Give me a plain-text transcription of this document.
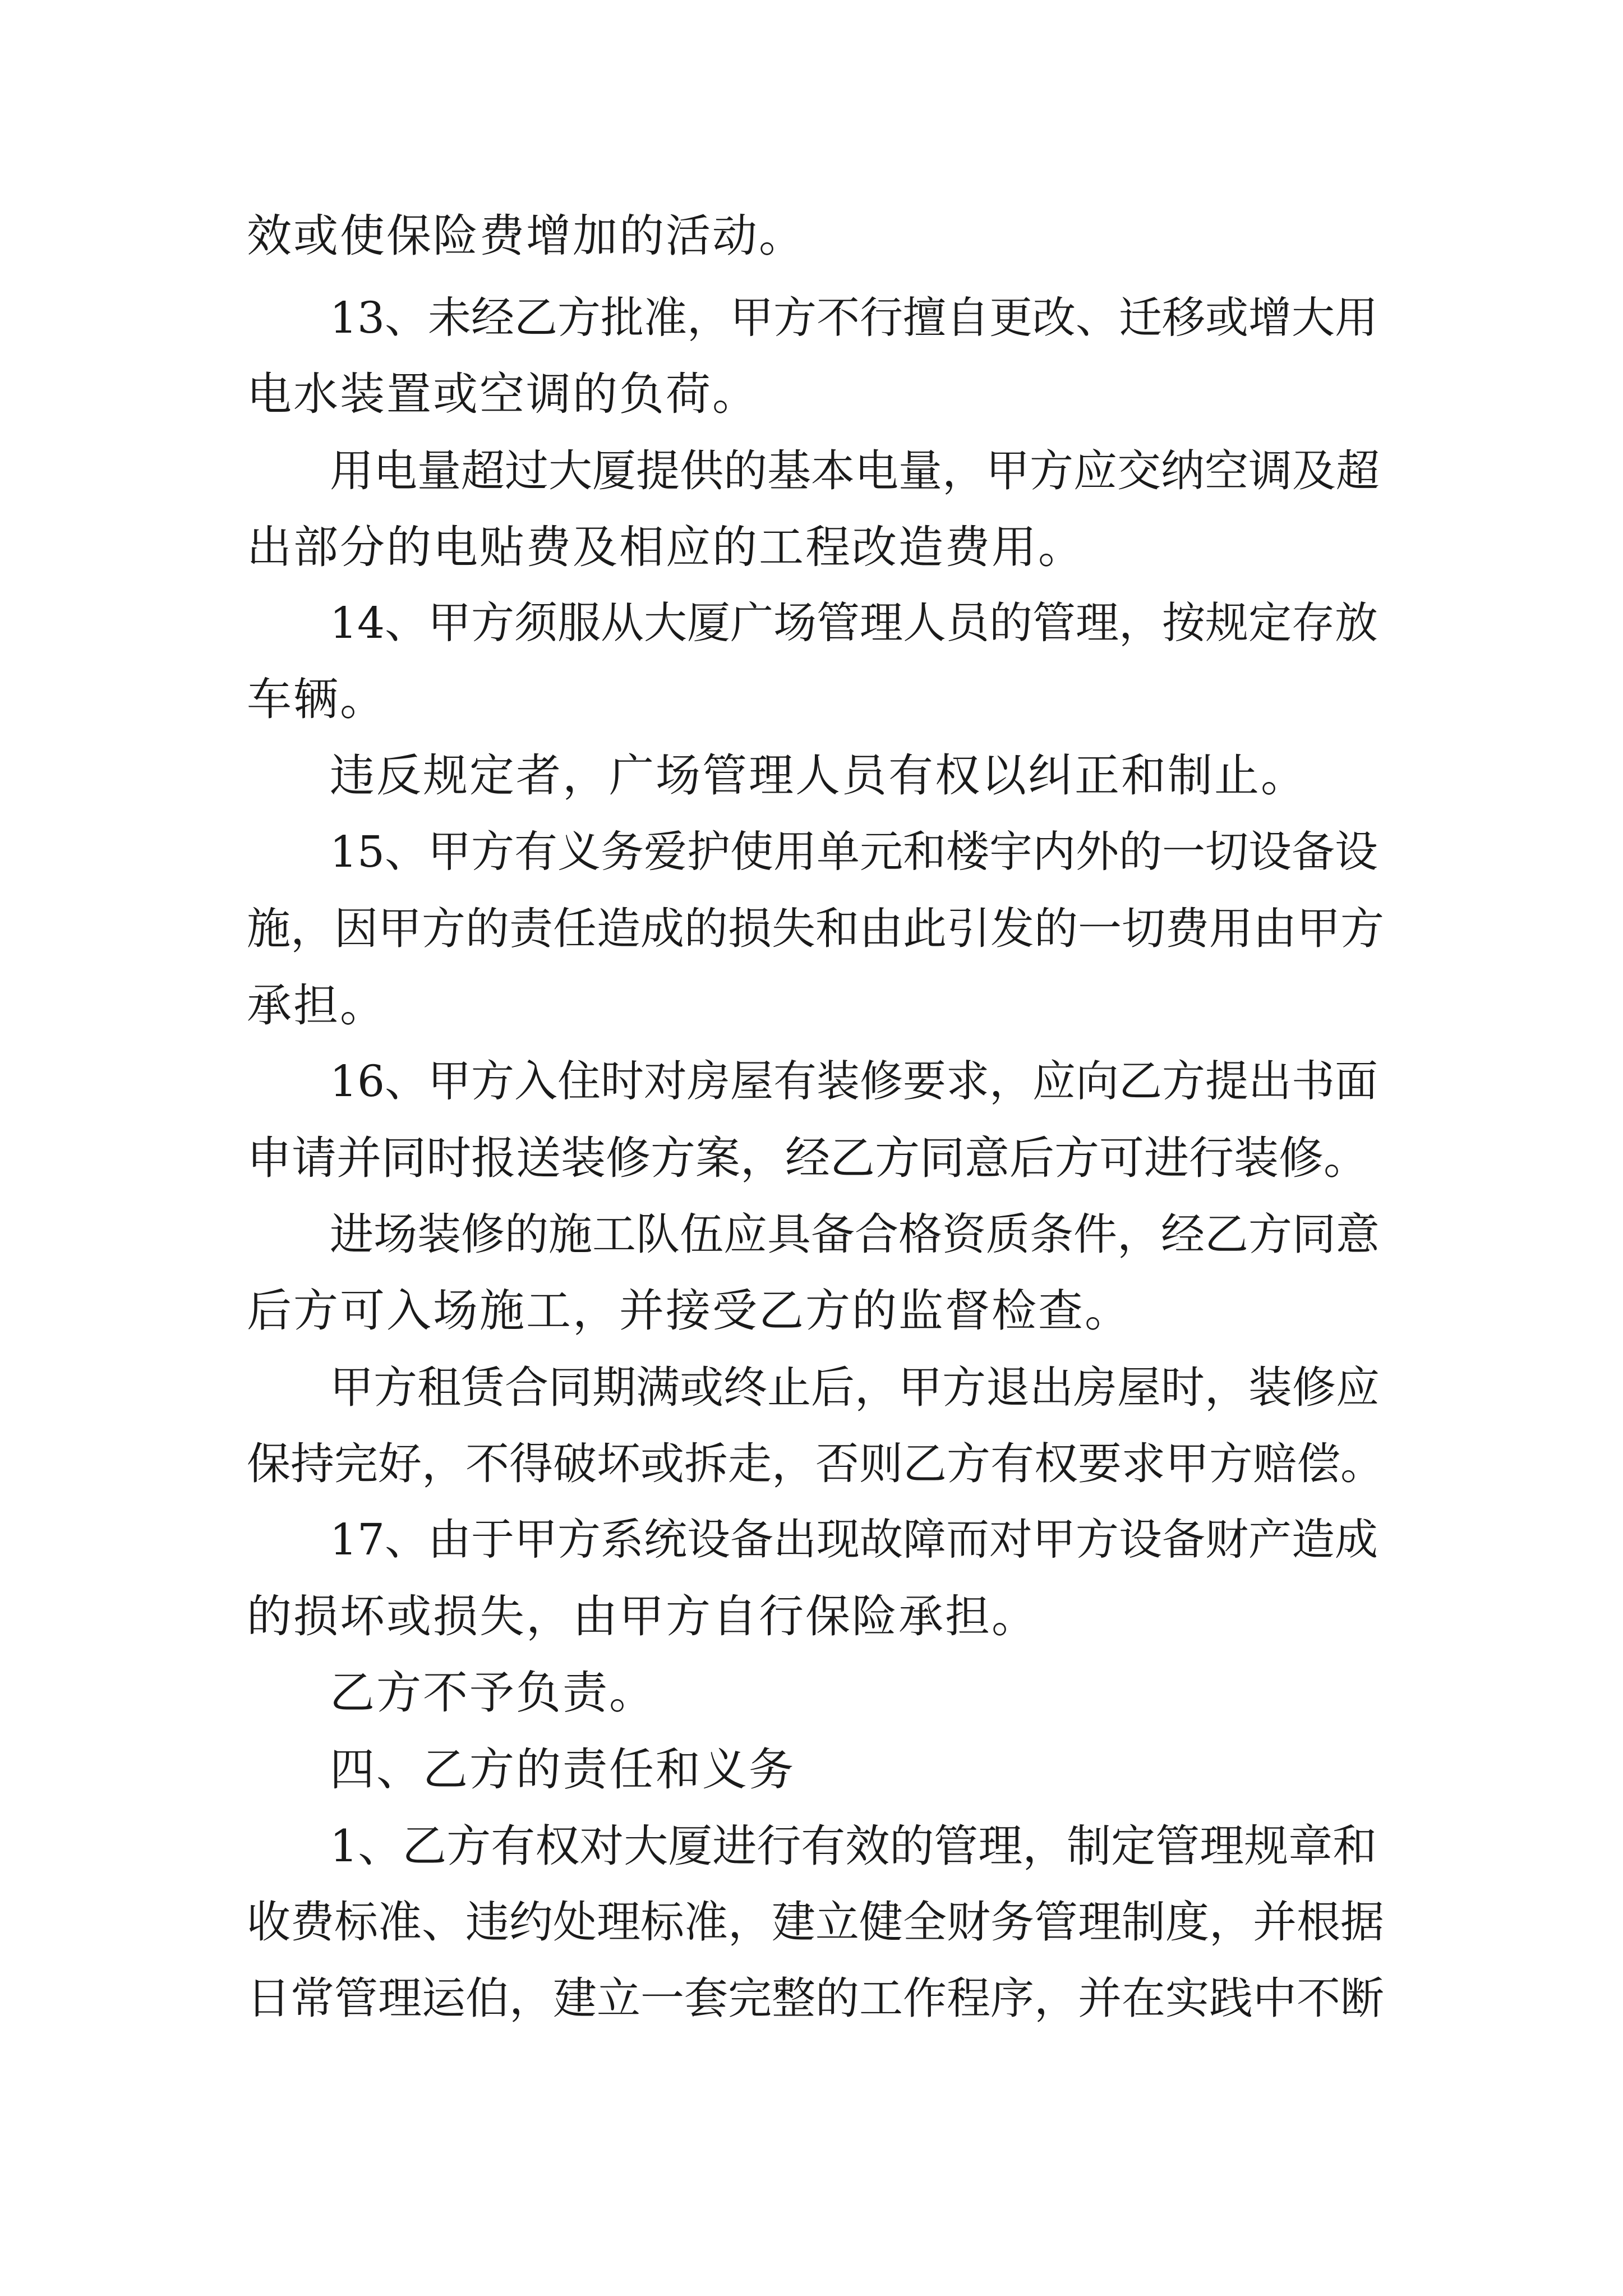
效或使保险费增加的活动。
13、未经乙方批准，甲方不行擅自更改、迁移或增大用
电水装置或空调的负荷。
用电量超过大厦提供的基本电量，甲方应交纳空调及超
出部分的电贴费及相应的工程改造费用。
14、甲方须服从大厦广场管理人员的管理，按规定存放
车辆。
违反规定者，广场管理人员有权以纠正和制止。
15、甲方有义务爱护使用单元和楼宇内外的一切设备设
施，因甲方的责任造成的损失和由此引发的一切费用由甲方
承担。
16、甲方入住时对房屋有装修要求，应向乙方提出书面
申请并同时报送装修方案，经乙方同意后方可进行装修。
进场装修的施工队伍应具备合格资质条件，经乙方同意
后方可入场施工，并接受乙方的监督检查。
甲方租赁合同期满或终止后，甲方退出房屋时，装修应
保持完好，不得破坏或拆走，否则乙方有权要求甲方赔偿。
17、由于甲方系统设备出现故障而对甲方设备财产造成
的损坏或损失，由甲方自行保险承担。
乙方不予负责。
四、乙方的责任和义务
1、乙方有权对大厦进行有效的管理，制定管理规章和
收费标准、违约处理标准，建立健全财务管理制度，并根据
日常管理运伯，建立一套完整的工作程序，并在实践中不断
